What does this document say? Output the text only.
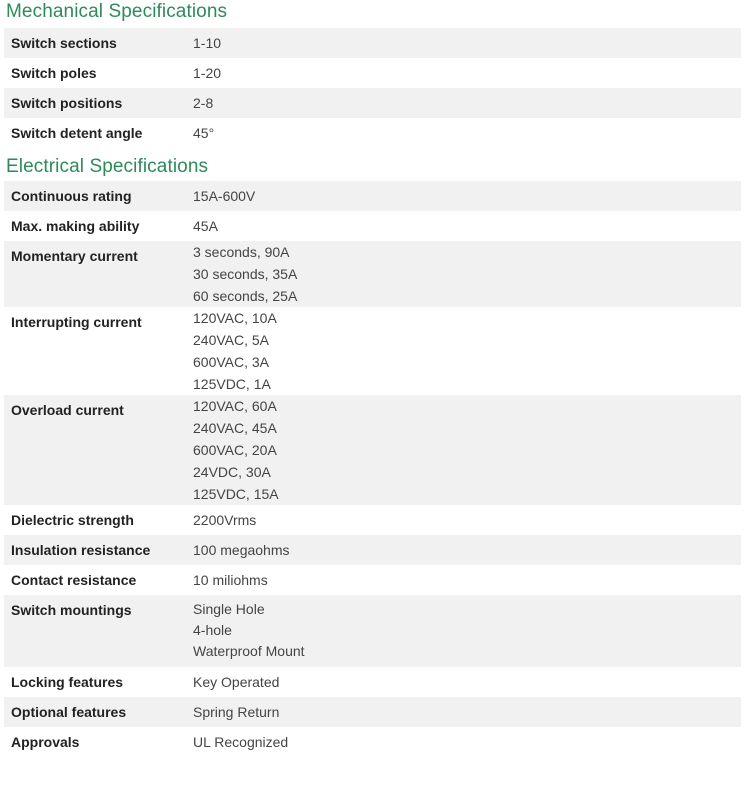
Mechanical Specifications
Switch sections	1-10
Switch poles	1-20
Switch positions	2-8
Switch detent angle	45°
Electrical Specifications
Continuous rating	15A-600V
Max. making ability	45A
Momentary current	3 seconds, 90A
30 seconds, 35A
60 seconds, 25A

Interrupting current	120VAC, 10A
240VAC, 5A
600VAC, 3A
125VDC, 1A

Overload current	120VAC, 60A
240VAC, 45A
600VAC, 20A
24VDC, 30A
125VDC, 15A

Dielectric strength	2200Vrms
Insulation resistance	100 megaohms
Contact resistance	10 miliohms
Switch mountings	Single Hole
4-hole
Waterproof Mount

Locking features	Key Operated
Optional features	Spring Return
Approvals	UL Recognized
